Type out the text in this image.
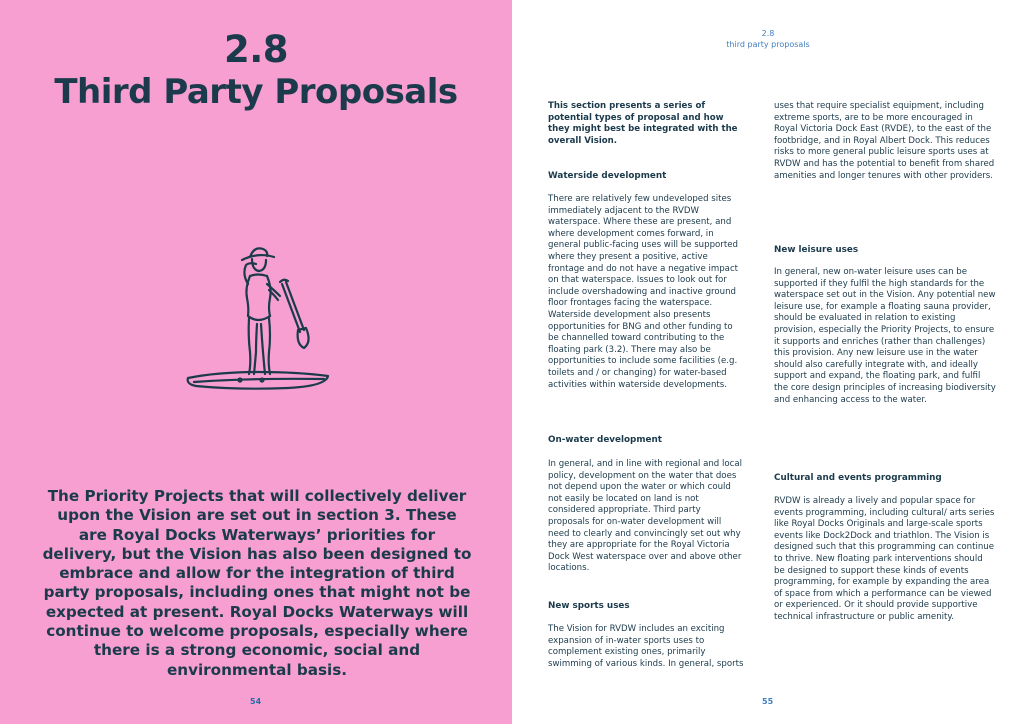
2.8
Third Party Proposals
The Priority Projects that will collectively deliver upon the Vision are set out in section 3. These are Royal Docks Waterways’ priorities for delivery, but the Vision has also been designed to embrace and allow for the integration of third party proposals, including ones that might not be expected at present. Royal Docks Waterways will continue to welcome proposals, especially where there is a strong economic, social and environmental basis.
54
2.8
third party proposals
This section presents a series of potential types of proposal and how they might best be integrated with the overall Vision.
Waterside development
There are relatively few undeveloped sites immediately adjacent to the RVDW waterspace. Where these are present, and where development comes forward, in general public-facing uses will be supported where they present a positive, active frontage and do not have a negative impact on that waterspace. Issues to look out for include overshadowing and inactive ground floor frontages facing the waterspace. Waterside development also presents opportunities for BNG and other funding to be channelled toward contributing to the floating park (3.2). There may also be opportunities to include some facilities (e.g. toilets and / or changing) for water-based activities within waterside developments.
On-water development
In general, and in line with regional and local policy, development on the water that does not depend upon the water or which could not easily be located on land is not considered appropriate. Third party proposals for on-water development will need to clearly and convincingly set out why they are appropriate for the Royal Victoria Dock West waterspace over and above other locations.
New sports uses
The Vision for RVDW includes an exciting expansion of in-water sports uses to complement existing ones, primarily swimming of various kinds. In general, sports
uses that require specialist equipment, including extreme sports, are to be more encouraged in Royal Victoria Dock East (RVDE), to the east of the footbridge, and in Royal Albert Dock. This reduces risks to more general public leisure sports uses at RVDW and has the potential to benefit from shared amenities and longer tenures with other providers.
New leisure uses
In general, new on-water leisure uses can be supported if they fulfil the high standards for the waterspace set out in the Vision. Any potential new leisure use, for example a floating sauna provider, should be evaluated in relation to existing provision, especially the Priority Projects, to ensure it supports and enriches (rather than challenges) this provision. Any new leisure use in the water should also carefully integrate with, and ideally support and expand, the floating park, and fulfil the core design principles of increasing biodiversity and enhancing access to the water.
Cultural and events programming
RVDW is already a lively and popular space for events programming, including cultural/ arts series like Royal Docks Originals and large-scale sports events like Dock2Dock and triathlon. The Vision is designed such that this programming can continue to thrive. New floating park interventions should be designed to support these kinds of events programming, for example by expanding the area of space from which a performance can be viewed or experienced. Or it should provide supportive technical infrastructure or public amenity.
55
